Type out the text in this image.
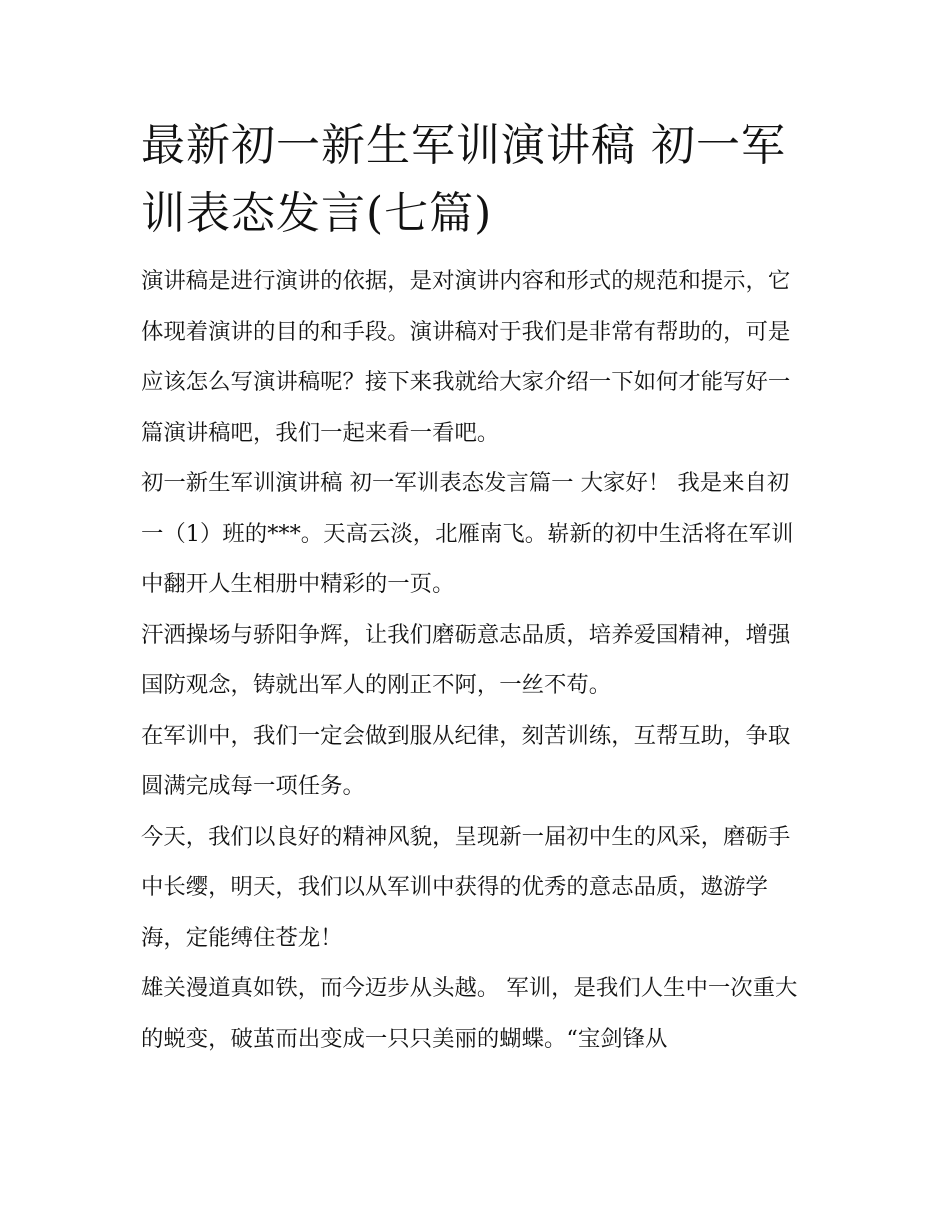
最新初一新生军训演讲稿 初一军训表态发言(七篇)

演讲稿是进行演讲的依据，是对演讲内容和形式的规范和提示，它体现着演讲的目的和手段。演讲稿对于我们是非常有帮助的，可是应该怎么写演讲稿呢？接下来我就给大家介绍一下如何才能写好一篇演讲稿吧，我们一起来看一看吧。

初一新生军训演讲稿 初一军训表态发言篇一 大家好！ 我是来自初一（1）班的***。天高云淡，北雁南飞。崭新的初中生活将在军训中翻开人生相册中精彩的一页。

汗洒操场与骄阳争辉，让我们磨砺意志品质，培养爱国精神，增强国防观念，铸就出军人的刚正不阿，一丝不苟。

在军训中，我们一定会做到服从纪律，刻苦训练，互帮互助，争取圆满完成每一项任务。

今天，我们以良好的精神风貌，呈现新一届初中生的风采，磨砺手中长缨，明天，我们以从军训中获得的优秀的意志品质，遨游学海，定能缚住苍龙！

雄关漫道真如铁，而今迈步从头越。 军训，是我们人生中一次重大的蜕变，破茧而出变成一只只美丽的蝴蝶。“宝剑锋从
